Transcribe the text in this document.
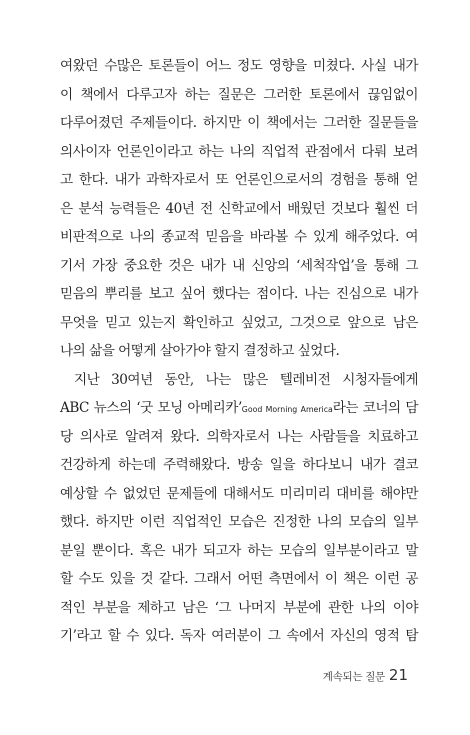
여왔던 수많은 토론들이 어느 정도 영향을 미쳤다. 사실 내가
이 책에서 다루고자 하는 질문은 그러한 토론에서 끊임없이
다루어졌던 주제들이다. 하지만 이 책에서는 그러한 질문들을
의사이자 언론인이라고 하는 나의 직업적 관점에서 다뤄 보려
고 한다. 내가 과학자로서 또 언론인으로서의 경험을 통해 얻
은 분석 능력들은 40년 전 신학교에서 배웠던 것보다 훨씬 더
비판적으로 나의 종교적 믿음을 바라볼 수 있게 해주었다. 여
기서 가장 중요한 것은 내가 내 신앙의 ‘세척작업’을 통해 그
믿음의 뿌리를 보고 싶어 했다는 점이다. 나는 진심으로 내가
무엇을 믿고 있는지 확인하고 싶었고, 그것으로 앞으로 남은
나의 삶을 어떻게 살아가야 할지 결정하고 싶었다.
지난 30여년 동안, 나는 많은 텔레비전 시청자들에게
ABC 뉴스의 ‘굿 모닝 아메리카’Good Morning America라는 코너의 담
당 의사로 알려져 왔다. 의학자로서 나는 사람들을 치료하고
건강하게 하는데 주력해왔다. 방송 일을 하다보니 내가 결코
예상할 수 없었던 문제들에 대해서도 미리미리 대비를 해야만
했다. 하지만 이런 직업적인 모습은 진정한 나의 모습의 일부
분일 뿐이다. 혹은 내가 되고자 하는 모습의 일부분이라고 말
할 수도 있을 것 같다. 그래서 어떤 측면에서 이 책은 이런 공
적인 부분을 제하고 남은 ‘그 나머지 부분에 관한 나의 이야
기’라고 할 수 있다. 독자 여러분이 그 속에서 자신의 영적 탐
계속되는 질문 21
